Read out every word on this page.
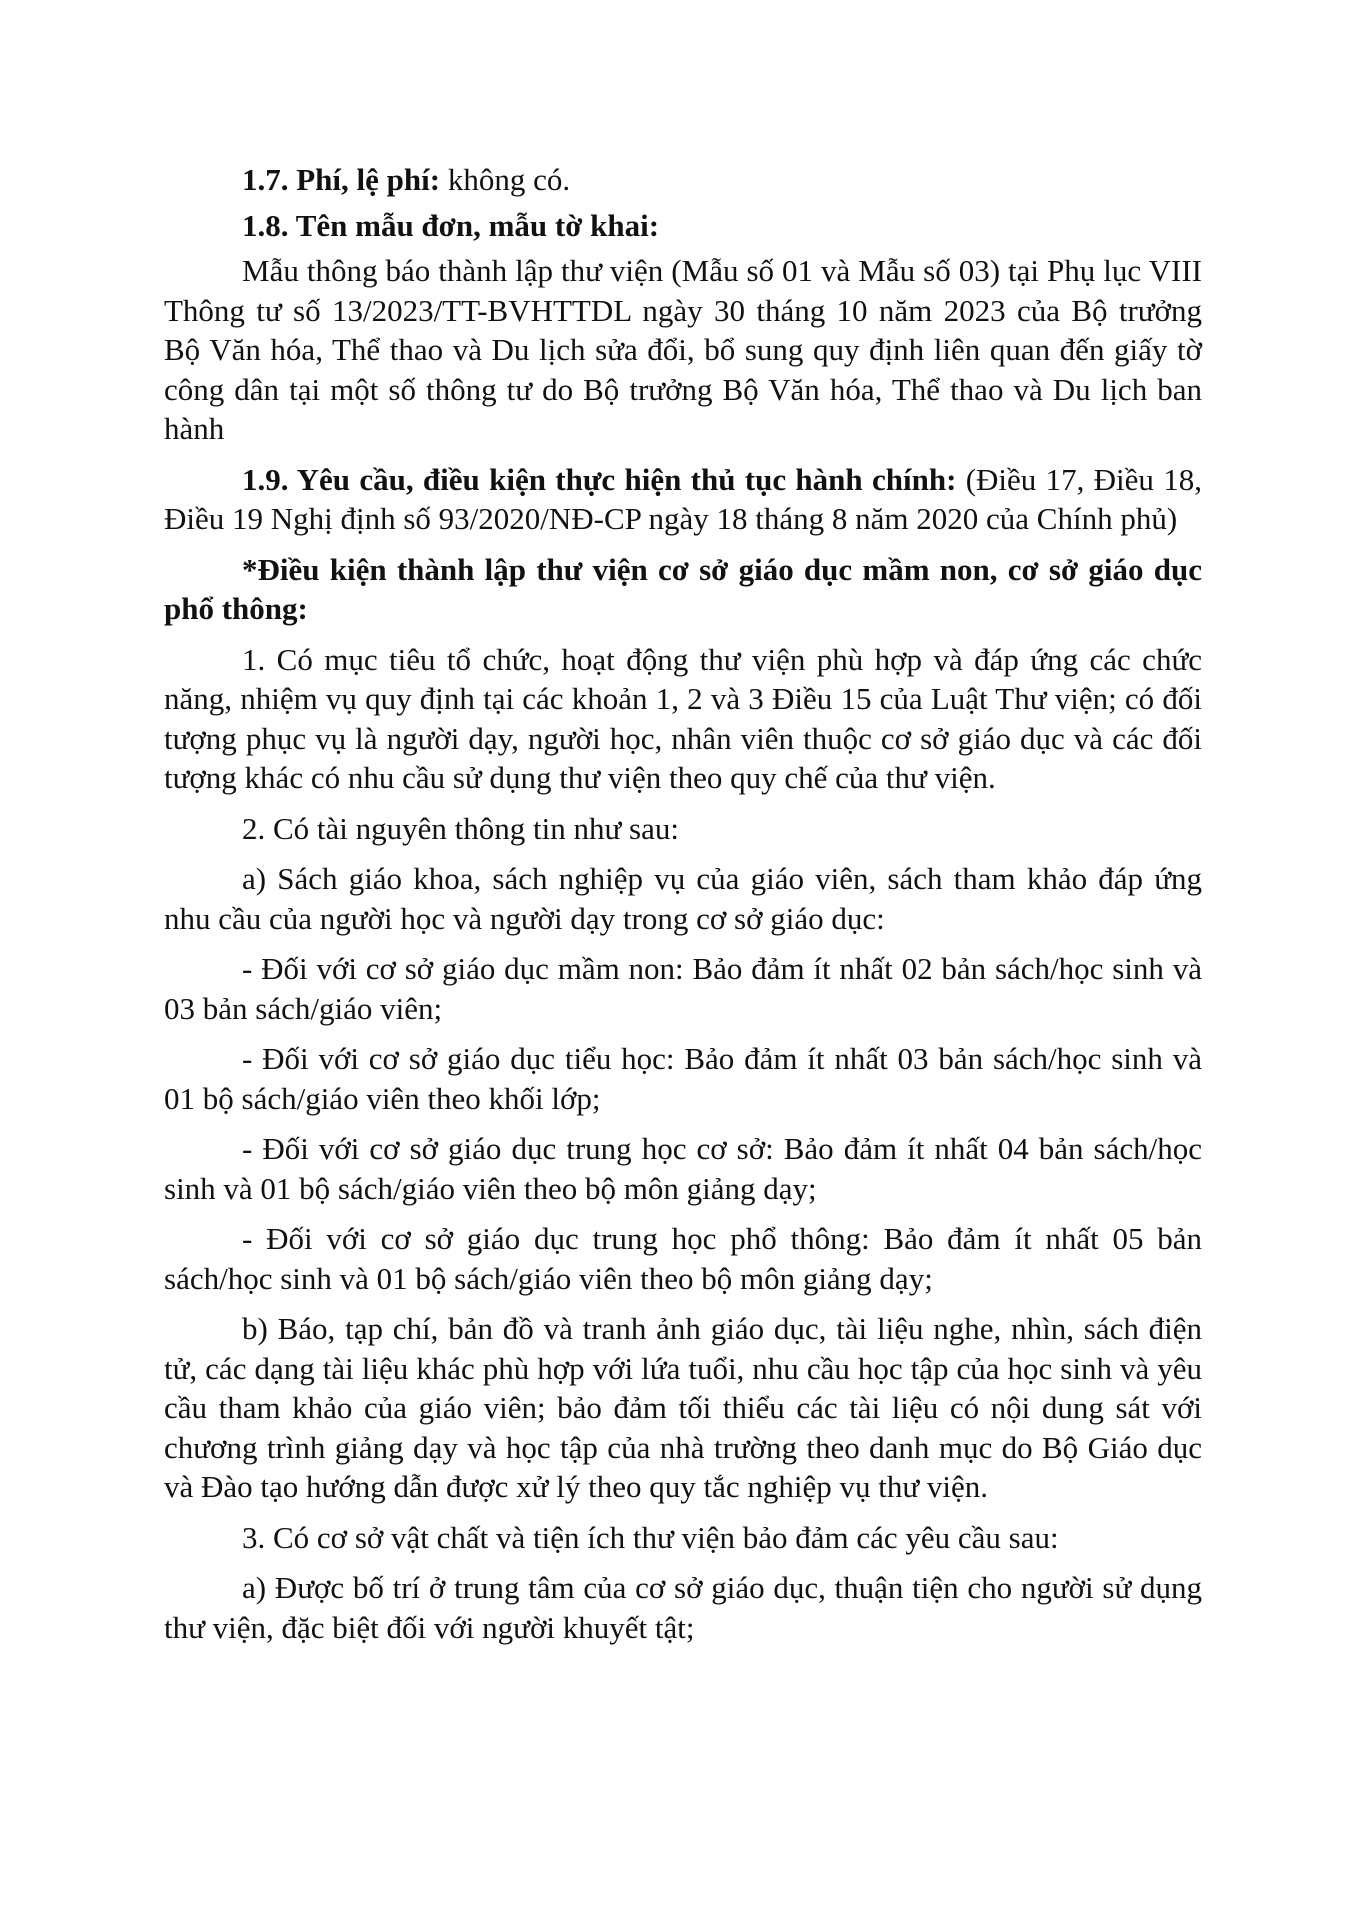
1.7. Phí, lệ phí: không có.

1.8. Tên mẫu đơn, mẫu tờ khai:

Mẫu thông báo thành lập thư viện (Mẫu số 01 và Mẫu số 03) tại Phụ lục VIII Thông tư số 13/2023/TT-BVHTTDL ngày 30 tháng 10 năm 2023 của Bộ trưởng Bộ Văn hóa, Thể thao và Du lịch sửa đổi, bổ sung quy định liên quan đến giấy tờ công dân tại một số thông tư do Bộ trưởng Bộ Văn hóa, Thể thao và Du lịch ban hành

1.9. Yêu cầu, điều kiện thực hiện thủ tục hành chính: (Điều 17, Điều 18, Điều 19 Nghị định số 93/2020/NĐ-CP ngày 18 tháng 8 năm 2020 của Chính phủ)

*Điều kiện thành lập thư viện cơ sở giáo dục mầm non, cơ sở giáo dục phổ thông:

1. Có mục tiêu tổ chức, hoạt động thư viện phù hợp và đáp ứng các chức năng, nhiệm vụ quy định tại các khoản 1, 2 và 3 Điều 15 của Luật Thư viện; có đối tượng phục vụ là người dạy, người học, nhân viên thuộc cơ sở giáo dục và các đối tượng khác có nhu cầu sử dụng thư viện theo quy chế của thư viện.

2. Có tài nguyên thông tin như sau:

a) Sách giáo khoa, sách nghiệp vụ của giáo viên, sách tham khảo đáp ứng nhu cầu của người học và người dạy trong cơ sở giáo dục:

- Đối với cơ sở giáo dục mầm non: Bảo đảm ít nhất 02 bản sách/học sinh và 03 bản sách/giáo viên;

- Đối với cơ sở giáo dục tiểu học: Bảo đảm ít nhất 03 bản sách/học sinh và 01 bộ sách/giáo viên theo khối lớp;

- Đối với cơ sở giáo dục trung học cơ sở: Bảo đảm ít nhất 04 bản sách/học sinh và 01 bộ sách/giáo viên theo bộ môn giảng dạy;

- Đối với cơ sở giáo dục trung học phổ thông: Bảo đảm ít nhất 05 bản sách/học sinh và 01 bộ sách/giáo viên theo bộ môn giảng dạy;

b) Báo, tạp chí, bản đồ và tranh ảnh giáo dục, tài liệu nghe, nhìn, sách điện tử, các dạng tài liệu khác phù hợp với lứa tuổi, nhu cầu học tập của học sinh và yêu cầu tham khảo của giáo viên; bảo đảm tối thiểu các tài liệu có nội dung sát với chương trình giảng dạy và học tập của nhà trường theo danh mục do Bộ Giáo dục và Đào tạo hướng dẫn được xử lý theo quy tắc nghiệp vụ thư viện.

3. Có cơ sở vật chất và tiện ích thư viện bảo đảm các yêu cầu sau:

a) Được bố trí ở trung tâm của cơ sở giáo dục, thuận tiện cho người sử dụng thư viện, đặc biệt đối với người khuyết tật;
